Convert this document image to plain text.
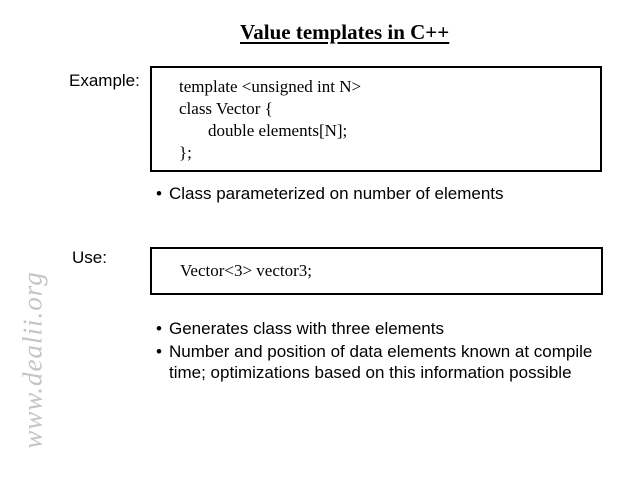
Value templates in C++
Example: template <unsigned int N>
class Vector {
double elements[N];
};
• Class parameterized on number of elements
Use:
Vector<3> vector3;
• Generates class with three elements
• Number and position of data elements known at compile time; optimizations based on this information possible
www.dealii.org
